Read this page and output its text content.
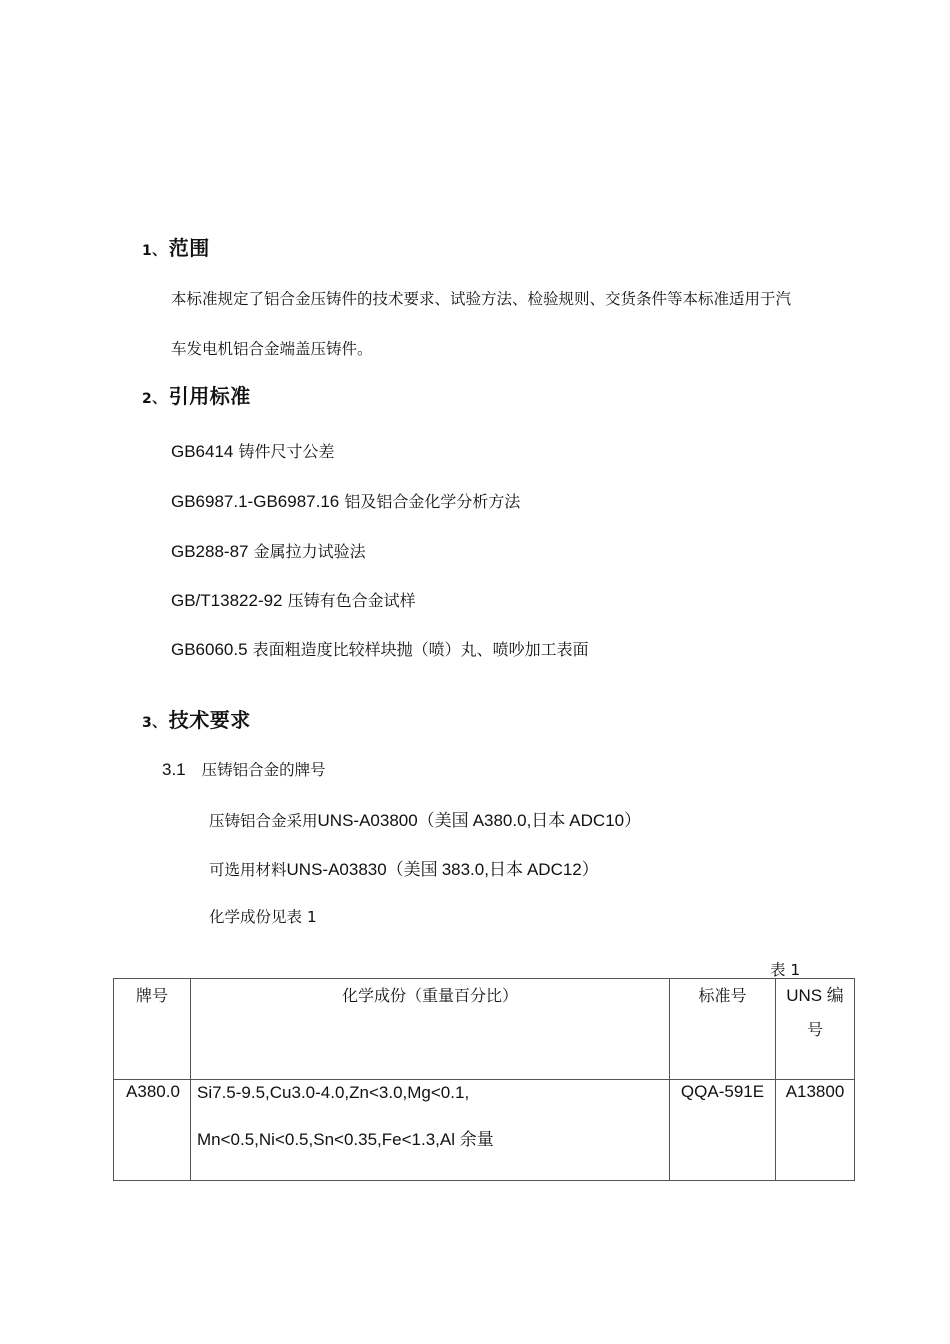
1、 范围
本标准规定了铝合金压铸件的技术要求、试验方法、检验规则、交货条件等本标准适用于汽
车发电机铝合金端盖压铸件。
2、 引用标准
GB6414 铸件尺寸公差
GB6987.1-GB6987.16 铝及铝合金化学分析方法
GB288-87 金属拉力试验法
GB/T13822-92 压铸有色合金试样
GB6060.5 表面粗造度比较样块抛（喷）丸、喷吵加工表面
3、 技术要求
3.1 压铸铝合金的牌号
压铸铝合金采用UNS-A03800（美国 A380.0,日本 ADC10）
可选用材料UNS-A03830（美国 383.0,日本 ADC12）
化学成份见表 1
表 1
牌号	化学成份（重量百分比）	标准号	UNS 编
号

A380.0	Si7.5-9.5,Cu3.0-4.0,Zn<3.0,Mg<0.1,
Mn<0.5,Ni<0.5,Sn<0.35,Fe<1.3,Al 余量	QQA-591E	A13800
